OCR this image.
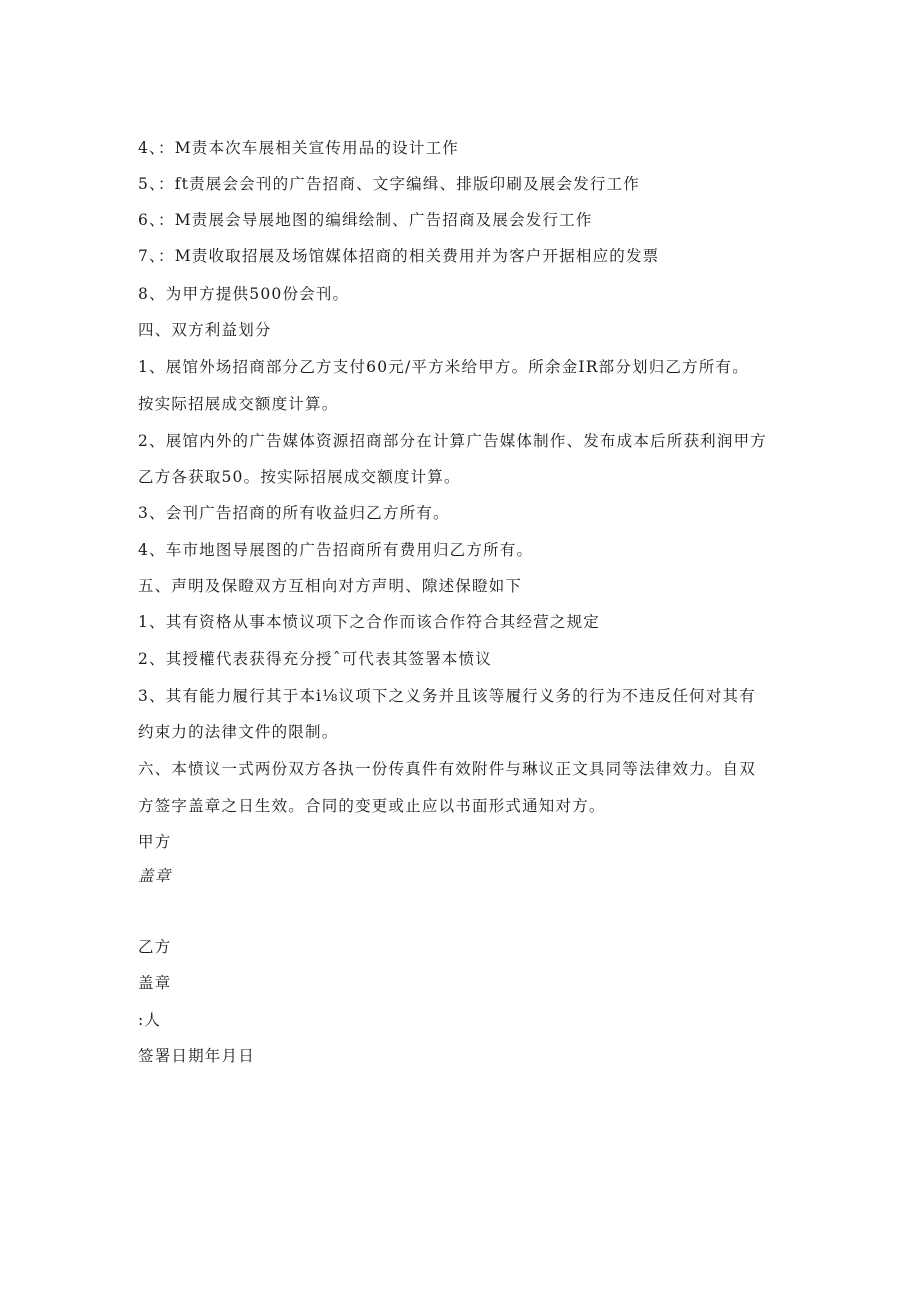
4、：M责本次车展相关宣传用品的设计工作
5、：ft责展会会刊的广告招商、文字编缉、排版印刷及展会发行工作
6、：M责展会导展地图的编缉绘制、广告招商及展会发行工作
7、：M责收取招展及场馆媒体招商的相关费用并为客户开据相应的发票
8、为甲方提供500份会刊。
四、双方利益划分
1、展馆外场招商部分乙方支付60元/平方米给甲方。所余金IR部分划归乙方所有。
按实际招展成交额度计算。
2、展馆内外的广告媒体资源招商部分在计算广告媒体制作、发布成本后所获利润甲方
乙方各获取50。按实际招展成交额度计算。
3、会刊广告招商的所有收益归乙方所有。
4、车市地图导展图的广告招商所有费用归乙方所有。
五、声明及保瞪双方互相向对方声明、隙述保瞪如下
1、其有资格从事本愤议项下之合作而该合作符合其经营之规定
2、其授權代表获得充分授ˆ可代表其签署本愤议
3、其有能力履行其于本i⅛议项下之义务并且该等履行义务的行为不违反任何对其有
约束力的法律文件的限制。
六、本愤议一式两份双方各执一份传真件有效附件与琳议正文具同等法律效力。自双
方签字盖章之日生效。合同的变更或止应以书面形式通知对方。
甲方
盖章
乙方
盖章
:人
签署日期年月日
